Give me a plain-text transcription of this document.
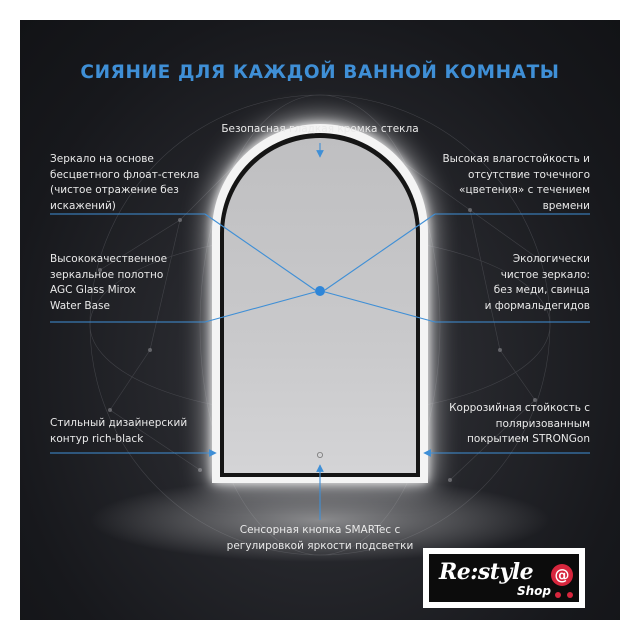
СИЯНИЕ ДЛЯ КАЖДОЙ ВАННОЙ КОМНАТЫ
Безопасная гладкая кромка стекла
Зеркало на основе
бесцветного флоат-стекла
(чистое отражение без
искажений)
Высококачественное
зеркальное полотно
AGC Glass Mirox
Water Base
Стильный дизайнерский
контур rich-black
Высокая влагостойкость и
отсутствие точечного
«цветения» с течением
времени
Экологически
чистое зеркало:
без меди, свинца
и формальдегидов
Коррозийная стойкость с
поляризованным
покрытием STRONGon
Сенсорная кнопка SMARTec с
регулировкой яркости подсветки
Re:style @
Shop
